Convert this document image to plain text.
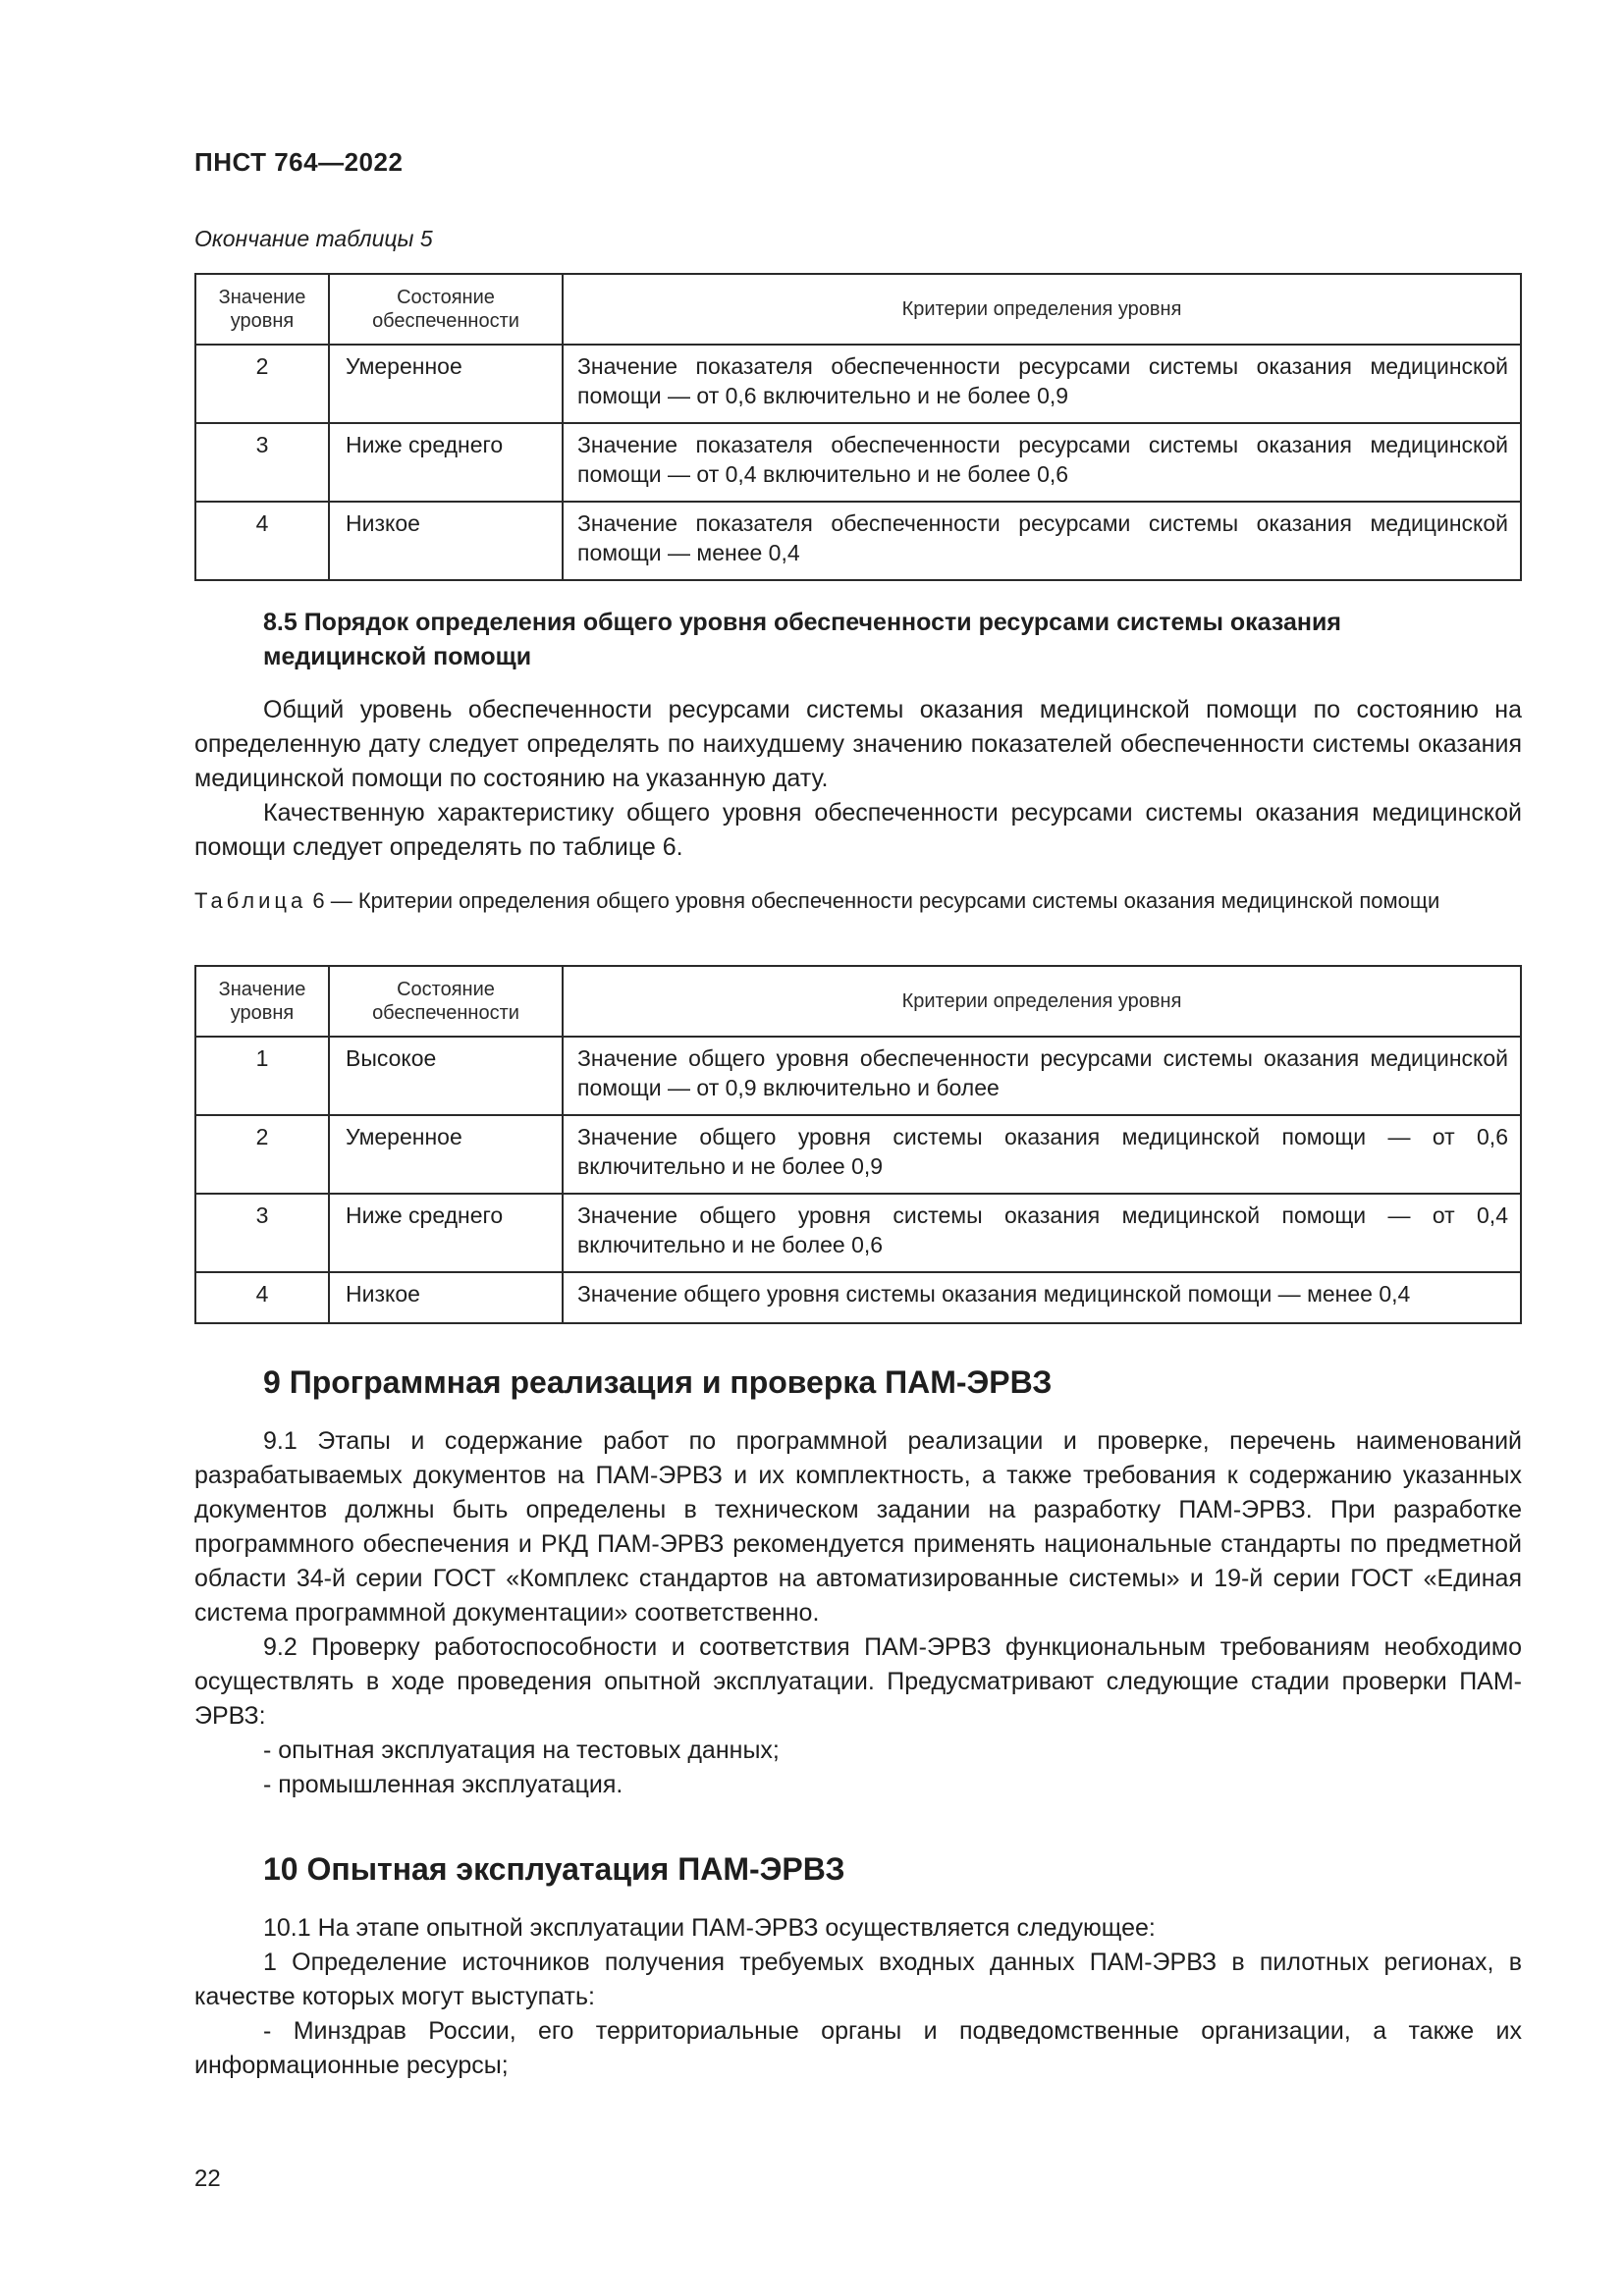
ПНСТ 764—2022
Окончание таблицы 5
Значение уровня	Состояние обеспеченности	Критерии определения уровня
2	Умеренное	Значение показателя обеспеченности ресурсами системы оказания медицинской помощи — от 0,6 включительно и не более 0,9
3	Ниже среднего	Значение показателя обеспеченности ресурсами системы оказания медицинской помощи — от 0,4 включительно и не более 0,6
4	Низкое	Значение показателя обеспеченности ресурсами системы оказания медицинской помощи — менее 0,4
8.5 Порядок определения общего уровня обеспеченности ресурсами системы оказания медицинской помощи

Общий уровень обеспеченности ресурсами системы оказания медицинской помощи по состоянию на определенную дату следует определять по наихудшему значению показателей обеспеченности системы оказания медицинской помощи по состоянию на указанную дату.

Качественную характеристику общего уровня обеспеченности ресурсами системы оказания медицинской помощи следует определять по таблице 6.

Таблица 6 — Критерии определения общего уровня обеспеченности ресурсами системы оказания медицинской помощи
Значение уровня	Состояние обеспеченности	Критерии определения уровня
1	Высокое	Значение общего уровня обеспеченности ресурсами системы оказания медицинской помощи — от 0,9 включительно и более
2	Умеренное	Значение общего уровня системы оказания медицинской помощи — от 0,6 включительно и не более 0,9
3	Ниже среднего	Значение общего уровня системы оказания медицинской помощи — от 0,4 включительно и не более 0,6
4	Низкое	Значение общего уровня системы оказания медицинской помощи — менее 0,4
9 Программная реализация и проверка ПАМ-ЭРВЗ

9.1 Этапы и содержание работ по программной реализации и проверке, перечень наименований разрабатываемых документов на ПАМ-ЭРВЗ и их комплектность, а также требования к содержанию указанных документов должны быть определены в техническом задании на разработку ПАМ-ЭРВЗ. При разработке программного обеспечения и РКД ПАМ-ЭРВЗ рекомендуется применять национальные стандарты по предметной области 34-й серии ГОСТ «Комплекс стандартов на автоматизированные системы» и 19-й серии ГОСТ «Единая система программной документации» соответственно.

9.2 Проверку работоспособности и соответствия ПАМ-ЭРВЗ функциональным требованиям необходимо осуществлять в ходе проведения опытной эксплуатации. Предусматривают следующие стадии проверки ПАМ-ЭРВЗ:

- опытная эксплуатация на тестовых данных;

- промышленная эксплуатация.

10 Опытная эксплуатация ПАМ-ЭРВЗ

10.1 На этапе опытной эксплуатации ПАМ-ЭРВЗ осуществляется следующее:

1 Определение источников получения требуемых входных данных ПАМ-ЭРВЗ в пилотных регионах, в качестве которых могут выступать:

- Минздрав России, его территориальные органы и подведомственные организации, а также их информационные ресурсы;

22
